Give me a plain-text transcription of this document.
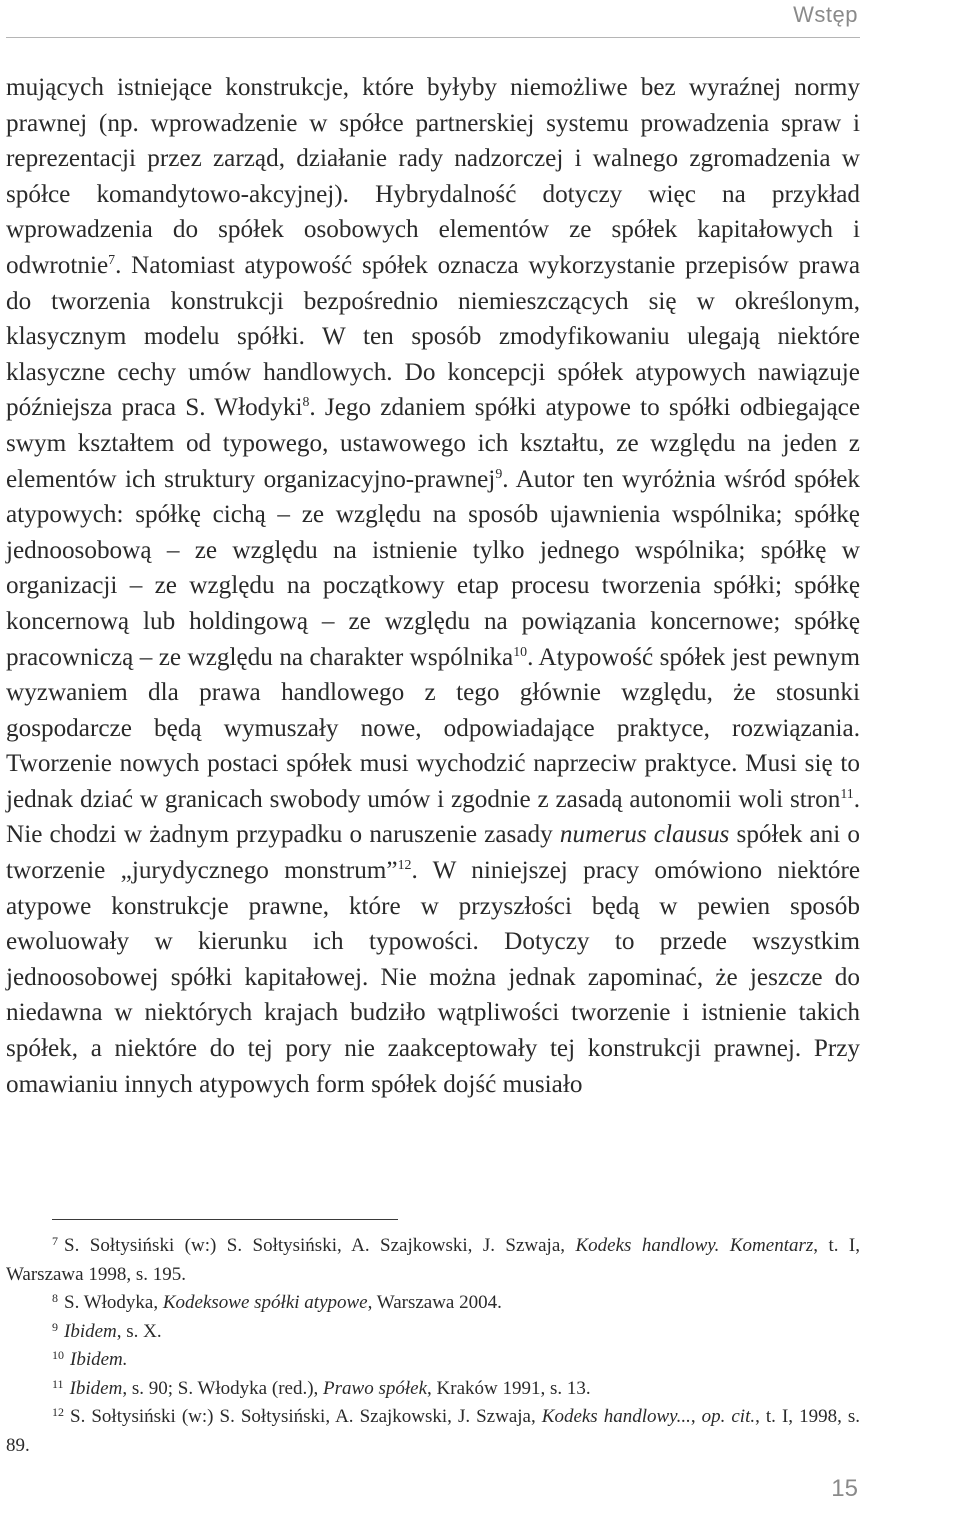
Wstęp

mujących istniejące konstrukcje, które byłyby niemożliwe bez wyraźnej normy prawnej (np. wprowadzenie w spółce partnerskiej systemu prowadzenia spraw i reprezentacji przez zarząd, działanie rady nadzorczej i walnego zgromadzenia w spółce komandytowo-akcyjnej). Hybrydalność dotyczy więc na przykład wprowadzenia do spółek osobowych elementów ze spółek kapitałowych i odwrotnie$^7$. Natomiast atypowość spółek oznacza wykorzystanie przepisów prawa do tworzenia konstrukcji bezpośrednio niemieszczących się w określonym, klasycznym modelu spółki. W ten sposób zmodyfikowaniu ulegają niektóre klasyczne cechy umów handlowych. Do koncepcji spółek atypowych nawiązuje późniejsza praca S. Włodyki$^8$. Jego zdaniem spółki atypowe to spółki odbiegające swym kształtem od typowego, ustawowego ich kształtu, ze względu na jeden z elementów ich struktury organizacyjno-prawnej$^9$. Autor ten wyróżnia wśród spółek atypowych: spółkę cichą – ze względu na sposób ujawnienia wspólnika; spółkę jednoosobową – ze względu na istnienie tylko jednego wspólnika; spółkę w organizacji – ze względu na początkowy etap procesu tworzenia spółki; spółkę koncernową lub holdingową – ze względu na powiązania koncernowe; spółkę pracowniczą – ze względu na charakter wspólnika$^{10}$. Atypowość spółek jest pewnym wyzwaniem dla prawa handlowego z tego głównie względu, że stosunki gospodarcze będą wymuszały nowe, odpowiadające praktyce, rozwiązania. Tworzenie nowych postaci spółek musi wychodzić naprzeciw praktyce. Musi się to jednak dziać w granicach swobody umów i zgodnie z zasadą autonomii woli stron$^{11}$. Nie chodzi w żadnym przypadku o naruszenie zasady numerus clausus spółek ani o tworzenie „jurydycznego monstrum”$^{12}$. W niniejszej pracy omówiono niektóre atypowe konstrukcje prawne, które w przyszłości będą w pewien sposób ewoluowały w kierunku ich typowości. Dotyczy to przede wszystkim jednoosobowej spółki kapitałowej. Nie można jednak zapominać, że jeszcze do niedawna w niektórych krajach budziło wątpliwości tworzenie i istnienie takich spółek, a niektóre do tej pory nie zaakceptowały tej konstrukcji prawnej. Przy omawianiu innych atypowych form spółek dojść musiało

$^7$ S. Sołtysiński (w:) S. Sołtysiński, A. Szajkowski, J. Szwaja, Kodeks handlowy. Komentarz, t. I, Warszawa 1998, s. 195.

$^8$ S. Włodyka, Kodeksowe spółki atypowe, Warszawa 2004.

$^9$ Ibidem, s. X.

$^{10}$ Ibidem.

$^{11}$ Ibidem, s. 90; S. Włodyka (red.), Prawo spółek, Kraków 1991, s. 13.

$^{12}$ S. Sołtysiński (w:) S. Sołtysiński, A. Szajkowski, J. Szwaja, Kodeks handlowy..., op. cit., t. I, 1998, s. 89.

15
